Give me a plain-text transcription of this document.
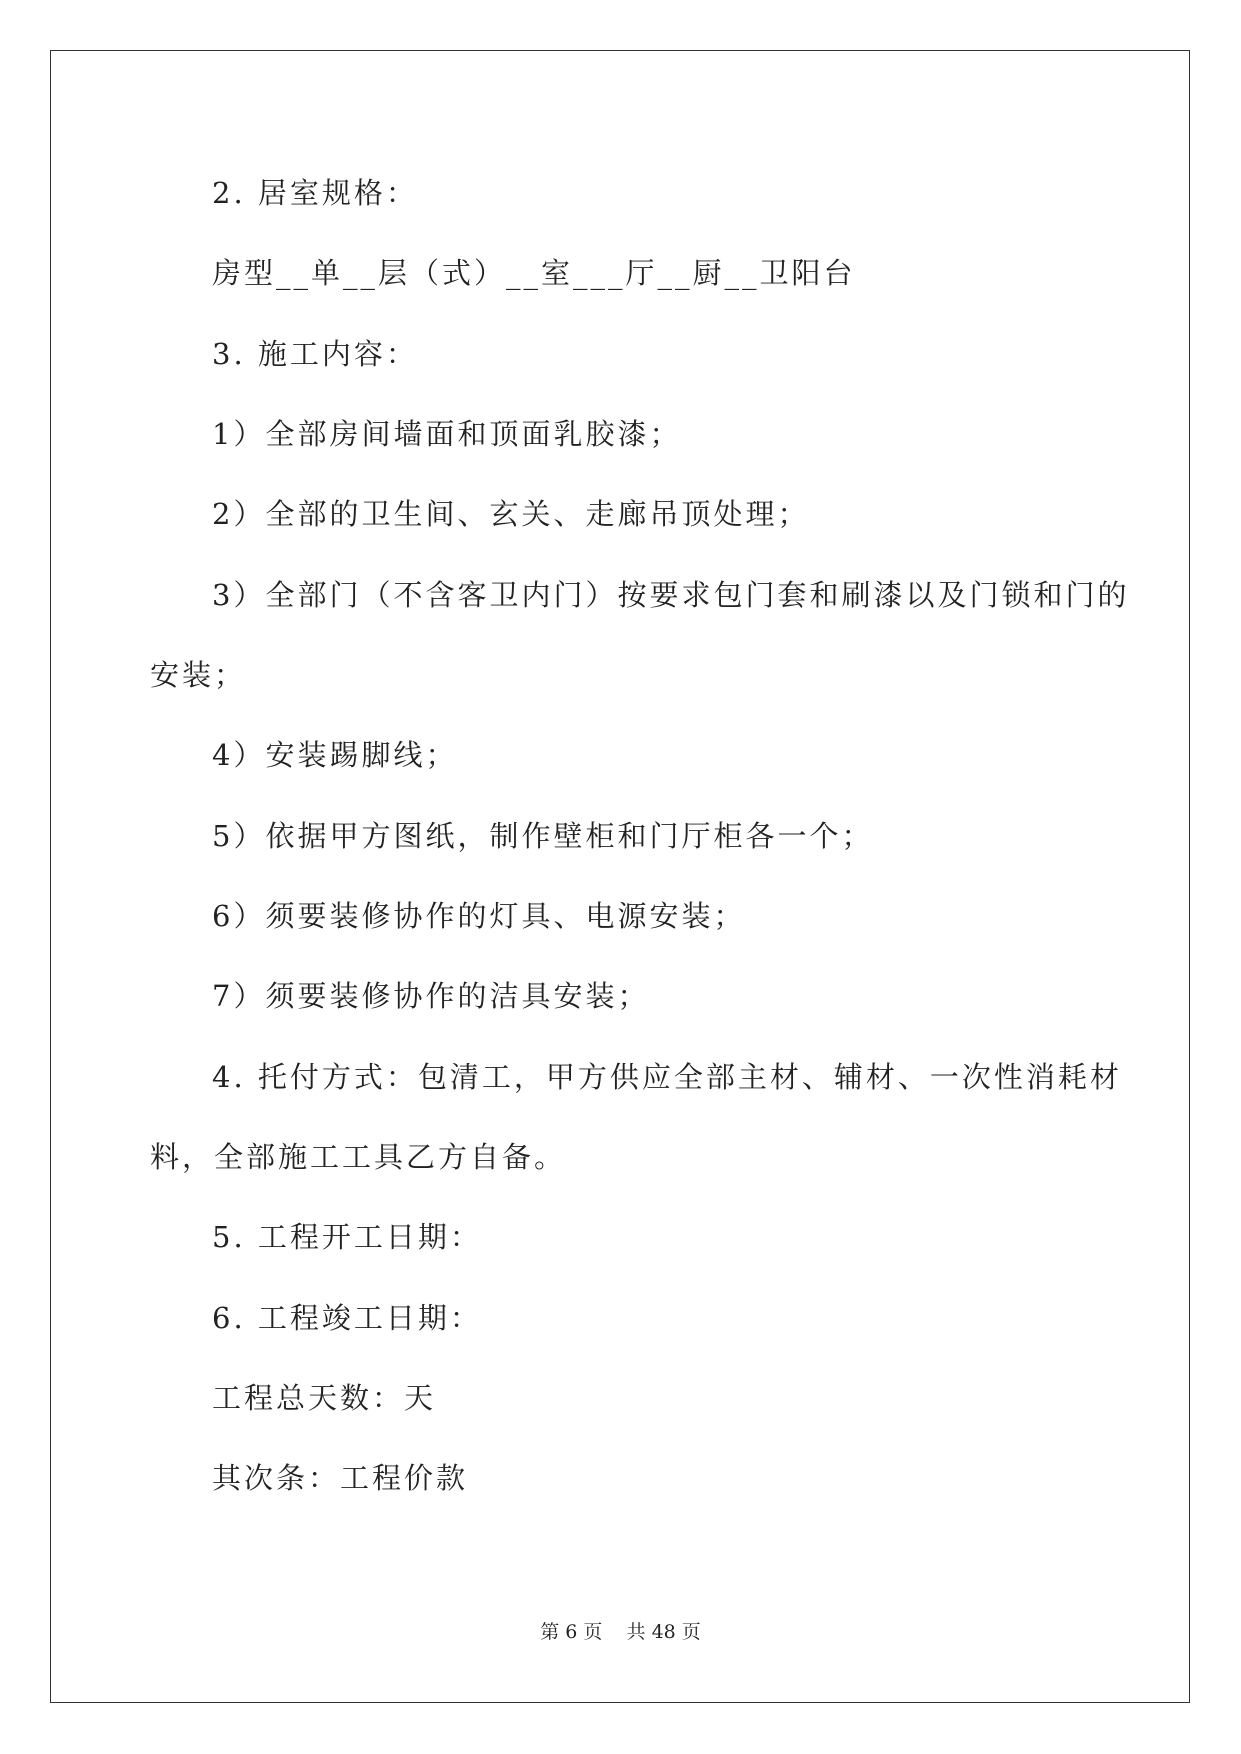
2. 居室规格：
房型__单__层（式）__室___厅__厨__卫阳台
3. 施工内容：
1）全部房间墙面和顶面乳胶漆；
2）全部的卫生间、玄关、走廊吊顶处理；
3）全部门（不含客卫内门）按要求包门套和刷漆以及门锁和门的
安装；
4）安装踢脚线；
5）依据甲方图纸，制作壁柜和门厅柜各一个；
6）须要装修协作的灯具、电源安装；
7）须要装修协作的洁具安装；
4. 托付方式：包清工，甲方供应全部主材、辅材、一次性消耗材
料，全部施工工具乙方自备。
5. 工程开工日期：
6. 工程竣工日期：
工程总天数：天
其次条：工程价款
第 6 页    共 48 页
